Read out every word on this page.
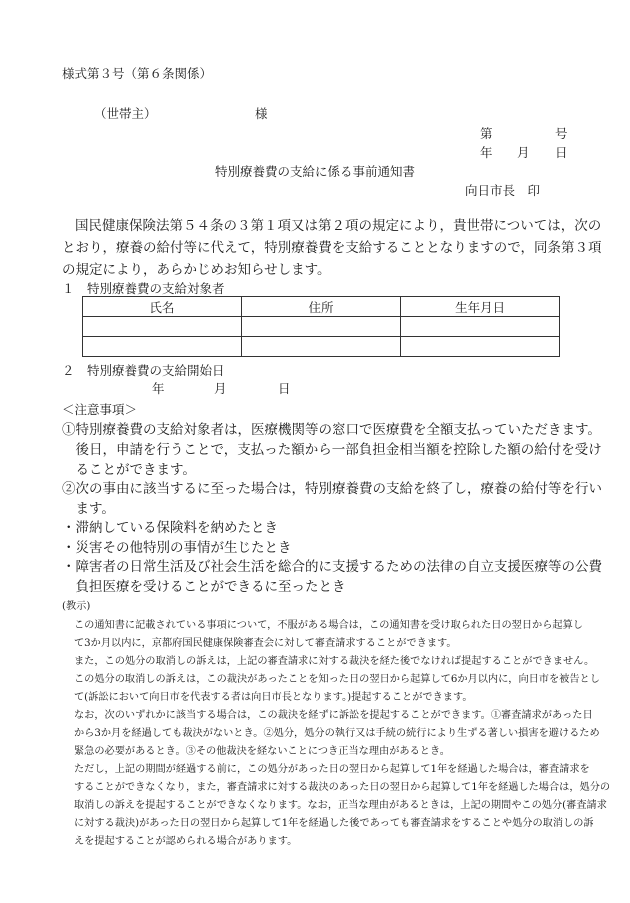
様式第３号（第６条関係）
（世帯主）	様
第	号
年 月 日
特別療養費の支給に係る事前通知書
向日市長　印
国民健康保険法第５４条の３第１項又は第２項の規定により，貴世帯については，次の
とおり，療養の給付等に代えて，特別療養費を支給することとなりますので，同条第３項
の規定により，あらかじめお知らせします。
１　特別療養費の支給対象者
氏名	住所	生年月日

２　特別療養費の支給開始日
年	月	日
＜注意事項＞
①特別療養費の支給対象者は，医療機関等の窓口で医療費を全額支払っていただきます。
　後日，申請を行うことで，支払った額から一部負担金相当額を控除した額の給付を受け
　ることができます。
②次の事由に該当するに至った場合は，特別療養費の支給を終了し，療養の給付等を行い
　ます。
・滞納している保険料を納めたとき
・災害その他特別の事情が生じたとき
・障害者の日常生活及び社会生活を総合的に支援するための法律の自立支援医療等の公費
　負担医療を受けることができるに至ったとき
(教示)
この通知書に記載されている事項について，不服がある場合は，この通知書を受け取られた日の翌日から起算し
て3か月以内に，京都府国民健康保険審査会に対して審査請求することができます。
また，この処分の取消しの訴えは，上記の審査請求に対する裁決を経た後でなければ提起することができません。
この処分の取消しの訴えは，この裁決があったことを知った日の翌日から起算して6か月以内に，向日市を被告とし
て(訴訟において向日市を代表する者は向日市長となります。)提起することができます。
なお，次のいずれかに該当する場合は，この裁決を経ずに訴訟を提起することができます。①審査請求があった日
から3か月を経過しても裁決がないとき。②処分，処分の執行又は手続の続行により生ずる著しい損害を避けるため
緊急の必要があるとき。③その他裁決を経ないことにつき正当な理由があるとき。
ただし，上記の期間が経過する前に，この処分があった日の翌日から起算して1年を経過した場合は，審査請求を
することができなくなり，また，審査請求に対する裁決のあった日の翌日から起算して1年を経過した場合は，処分の
取消しの訴えを提起することができなくなります。なお，正当な理由があるときは，上記の期間やこの処分(審査請求
に対する裁決)があった日の翌日から起算して1年を経過した後であっても審査請求をすることや処分の取消しの訴
えを提起することが認められる場合があります。
